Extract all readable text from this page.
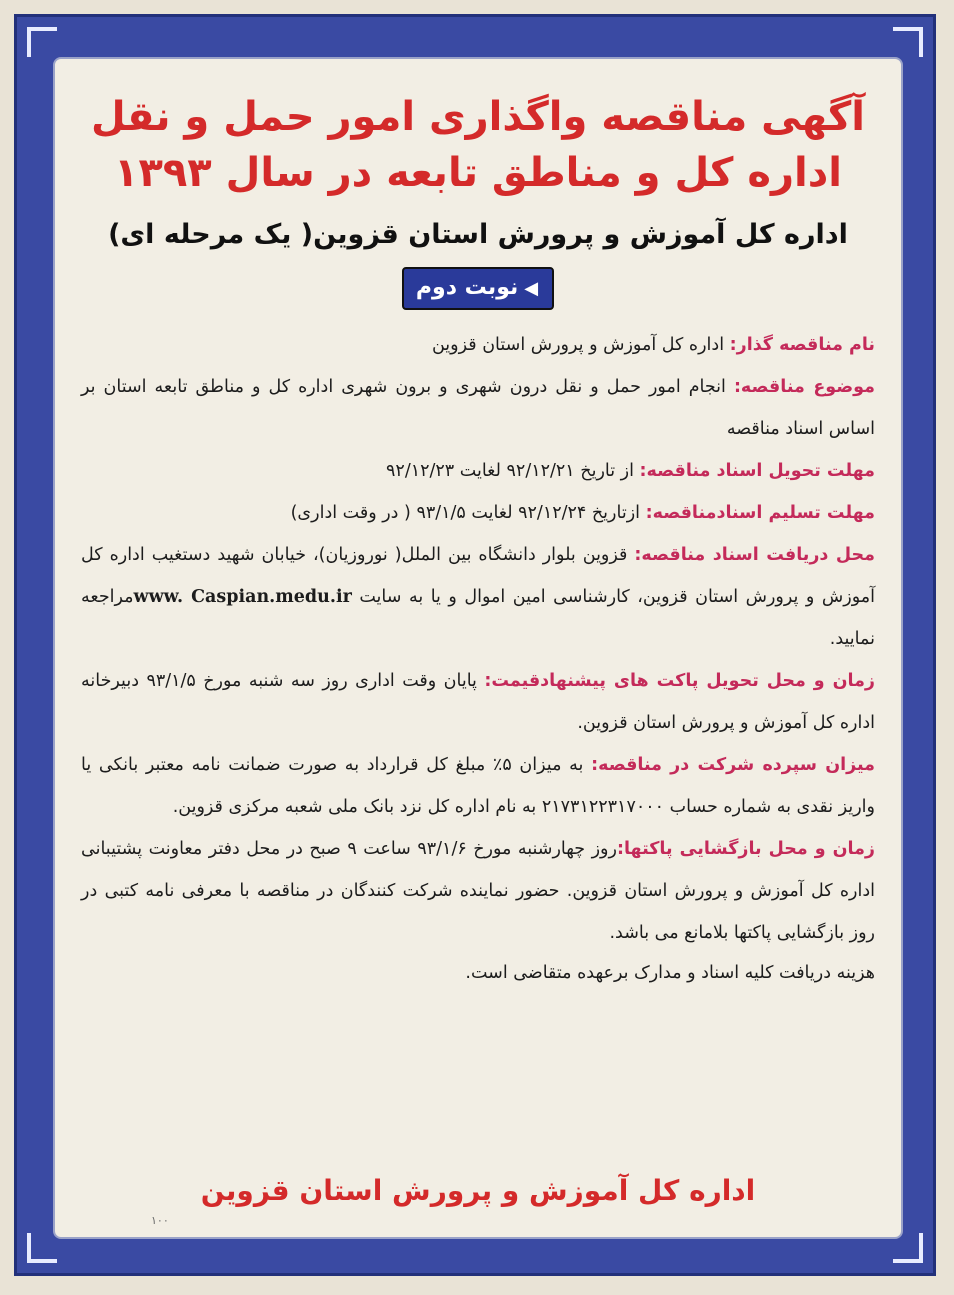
آگهی مناقصه واگذاری امور حمل و نقل
اداره کل و مناطق تابعه در سال ۱۳۹۳
اداره کل آموزش و پرورش استان قزوین( یک مرحله ای)
◀نوبت دوم

نام مناقصه گذار: اداره کل آموزش و پرورش استان قزوین

موضوع مناقصه: انجام امور حمل و نقل درون شهری و برون شهری اداره کل و مناطق تابعه استان بر اساس اسناد مناقصه

مهلت تحویل اسناد مناقصه: از تاریخ ۹۲/۱۲/۲۱ لغایت ۹۲/۱۲/۲۳

مهلت تسلیم اسنادمناقصه: ازتاریخ ۹۲/۱۲/۲۴ لغایت ۹۳/۱/۵ ( در وقت اداری)

محل دریافت اسناد مناقصه: قزوین بلوار دانشگاه بین الملل( نوروزیان)، خیابان شهید دستغیب اداره کل آموزش و پرورش استان قزوین، کارشناسی امین اموال و یا به سایت www. Caspian.medu.irمراجعه نمایید.

زمان و محل تحویل پاکت های پیشنهادقیمت: پایان وقت اداری روز سه شنبه مورخ ۹۳/۱/۵ دبیرخانه اداره کل آموزش و پرورش استان قزوین.

میزان سپرده شرکت در مناقصه: به میزان ۵٪ مبلغ کل قرارداد به صورت ضمانت نامه معتبر بانکی یا واریز نقدی به شماره حساب ۲۱۷۳۱۲۲۳۱۷۰۰۰ به نام اداره کل نزد بانک ملی شعبه مرکزی قزوین.

زمان و محل بازگشایی پاکتها:روز چهارشنبه مورخ ۹۳/۱/۶ ساعت ۹ صبح در محل دفتر معاونت پشتیبانی اداره کل آموزش و پرورش استان قزوین. حضور نماینده شرکت کنندگان در مناقصه با معرفی نامه کتبی در روز بازگشایی پاکتها بلامانع می باشد.

هزینه دریافت کلیه اسناد و مدارک برعهده متقاضی است.

اداره کل آموزش و پرورش استان قزوین
۱۰۰
